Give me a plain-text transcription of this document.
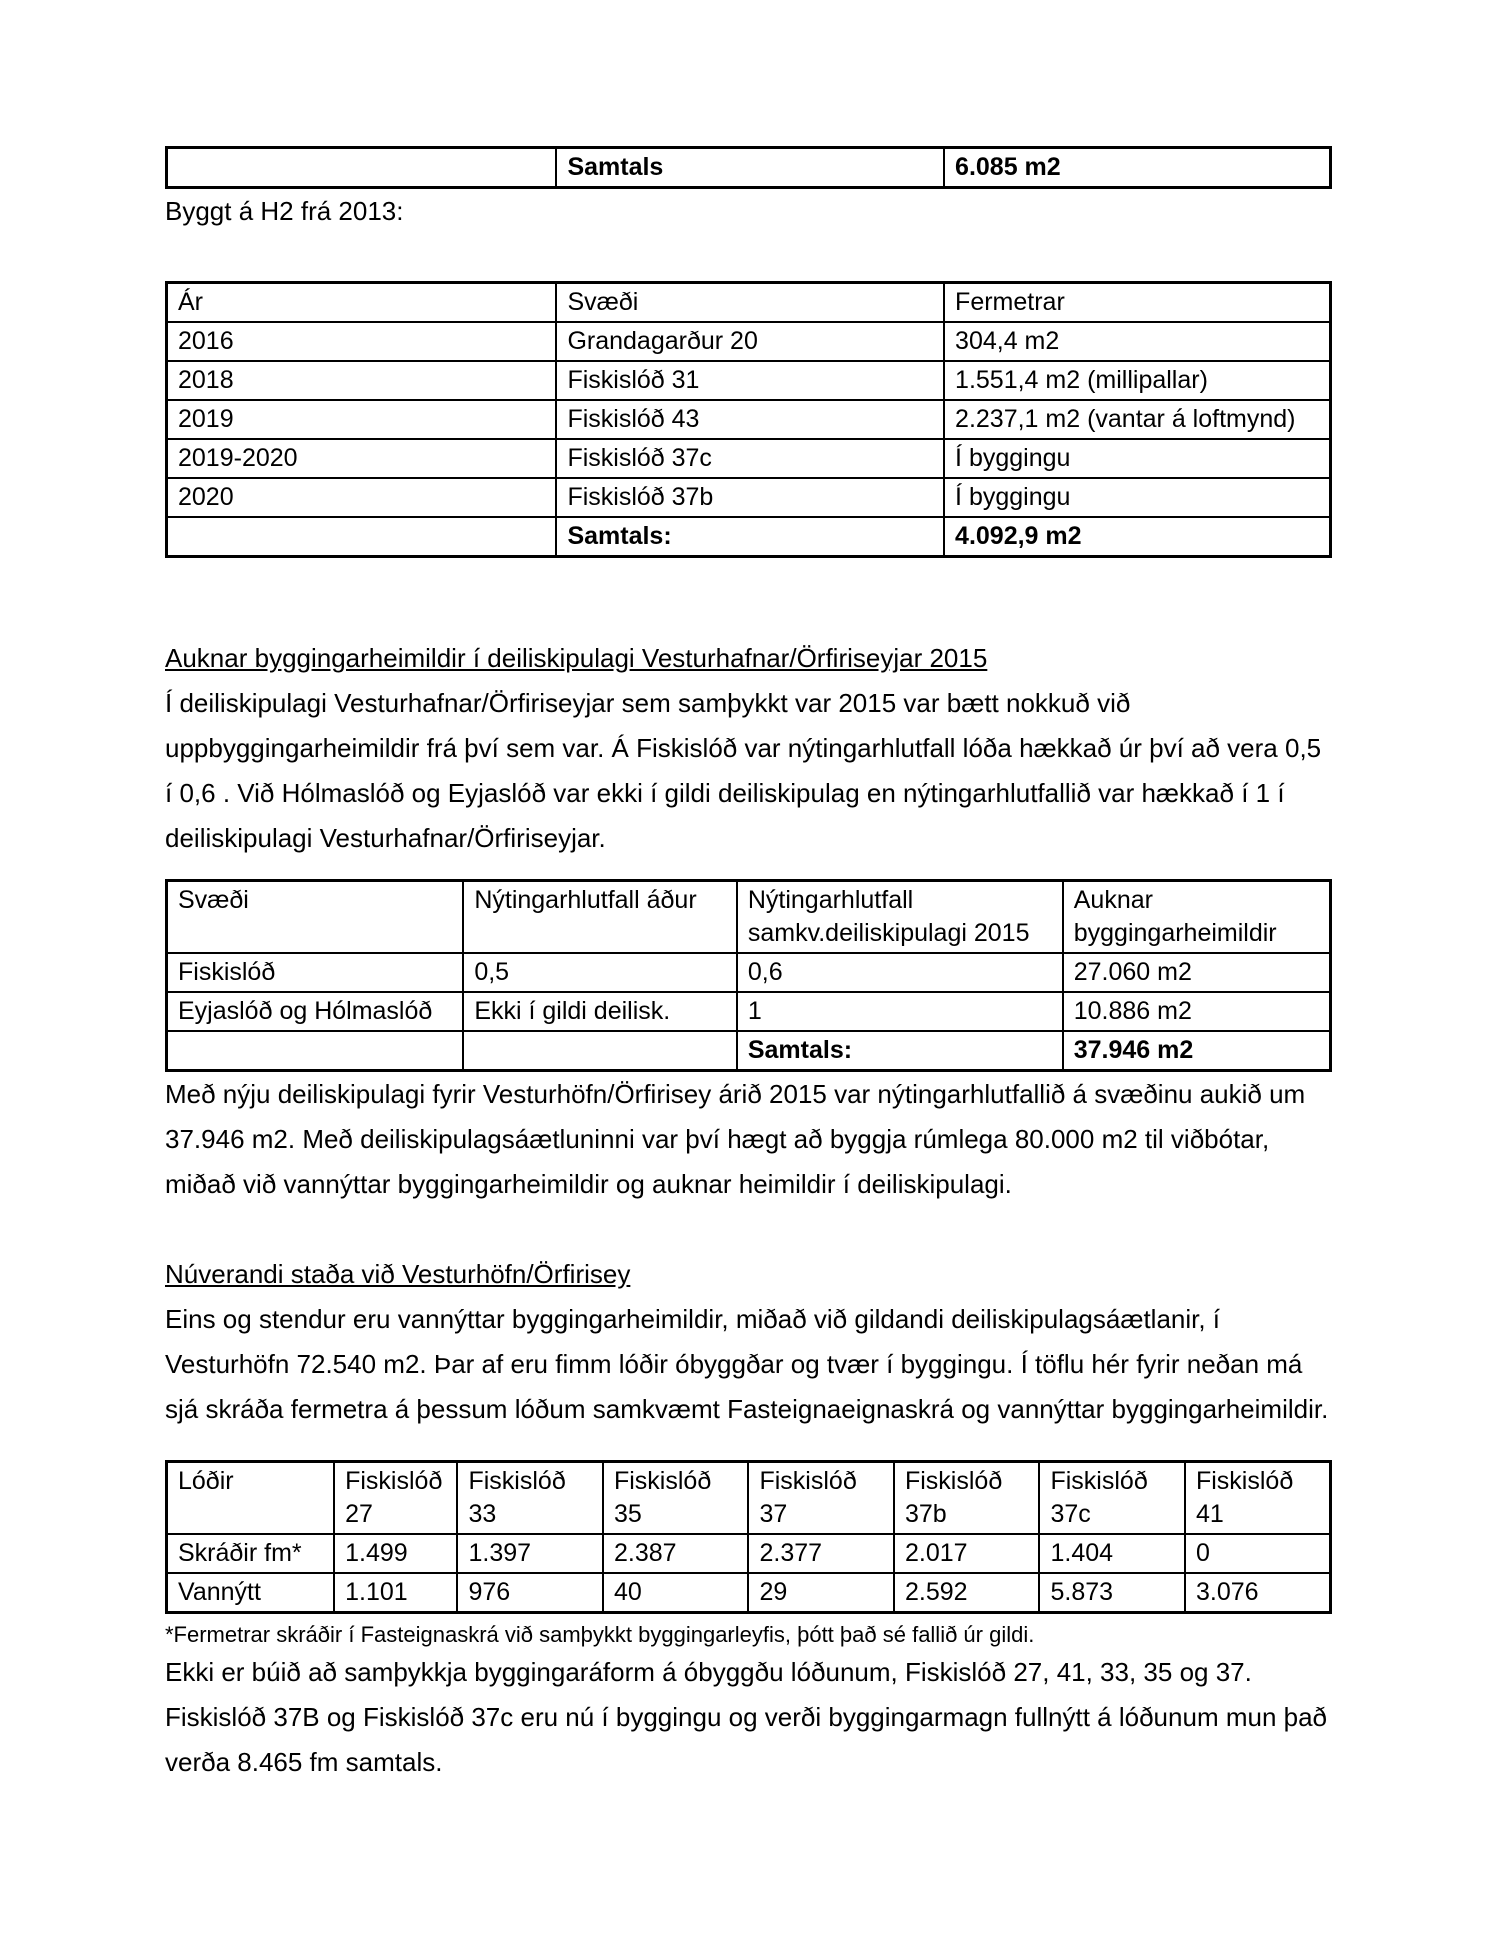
	Samtals	6.085 m2

Byggt á H2 frá 2013:

Ár	Svæði	Fermetrar
2016	Grandagarður 20	304,4 m2
2018	Fiskislóð 31	1.551,4 m2 (millipallar)
2019	Fiskislóð 43	2.237,1 m2 (vantar á loftmynd)
2019-2020	Fiskislóð 37c	Í byggingu
2020	Fiskislóð 37b	Í byggingu
	Samtals:	4.092,9 m2
Auknar byggingarheimildir í deiliskipulagi Vesturhafnar/Örfiriseyjar 2015

Í deiliskipulagi Vesturhafnar/Örfiriseyjar sem samþykkt var 2015 var bætt nokkuð við uppbyggingarheimildir frá því sem var. Á Fiskislóð var nýtingarhlutfall lóða hækkað úr því að vera 0,5 í 0,6 . Við Hólmaslóð og Eyjaslóð var ekki í gildi deiliskipulag en nýtingarhlutfallið var hækkað í 1 í deiliskipulagi Vesturhafnar/Örfiriseyjar.

Svæði	Nýtingarhlutfall áður	Nýtingarhlutfall samkv.deiliskipulagi 2015	Auknar byggingarheimildir
Fiskislóð	0,5	0,6	27.060 m2
Eyjaslóð og Hólmaslóð	Ekki í gildi deilisk.	1	10.886 m2
		Samtals:	37.946 m2

Með nýju deiliskipulagi fyrir Vesturhöfn/Örfirisey árið 2015 var nýtingarhlutfallið á svæðinu aukið um 37.946 m2. Með deiliskipulagsáætluninni var því hægt að byggja rúmlega 80.000 m2 til viðbótar, miðað við vannýttar byggingarheimildir og auknar heimildir í deiliskipulagi.

Núverandi staða við Vesturhöfn/Örfirisey

Eins og stendur eru vannýttar byggingarheimildir, miðað við gildandi deiliskipulagsáætlanir, í Vesturhöfn 72.540 m2. Þar af eru fimm lóðir óbyggðar og tvær í byggingu. Í töflu hér fyrir neðan má sjá skráða fermetra á þessum lóðum samkvæmt Fasteignaeignaskrá og vannýttar byggingarheimildir.

Lóðir	Fiskislóð 27	Fiskislóð 33	Fiskislóð 35	Fiskislóð 37	Fiskislóð 37b	Fiskislóð 37c	Fiskislóð 41
Skráðir fm*	1.499	1.397	2.387	2.377	2.017	1.404	0
Vannýtt	1.101	976	40	29	2.592	5.873	3.076

*Fermetrar skráðir í Fasteignaskrá við samþykkt byggingarleyfis, þótt það sé fallið úr gildi.

Ekki er búið að samþykkja byggingaráform á óbyggðu lóðunum, Fiskislóð 27, 41, 33, 35 og 37. Fiskislóð 37B og Fiskislóð 37c eru nú í byggingu og verði byggingarmagn fullnýtt á lóðunum mun það verða 8.465 fm samtals.
